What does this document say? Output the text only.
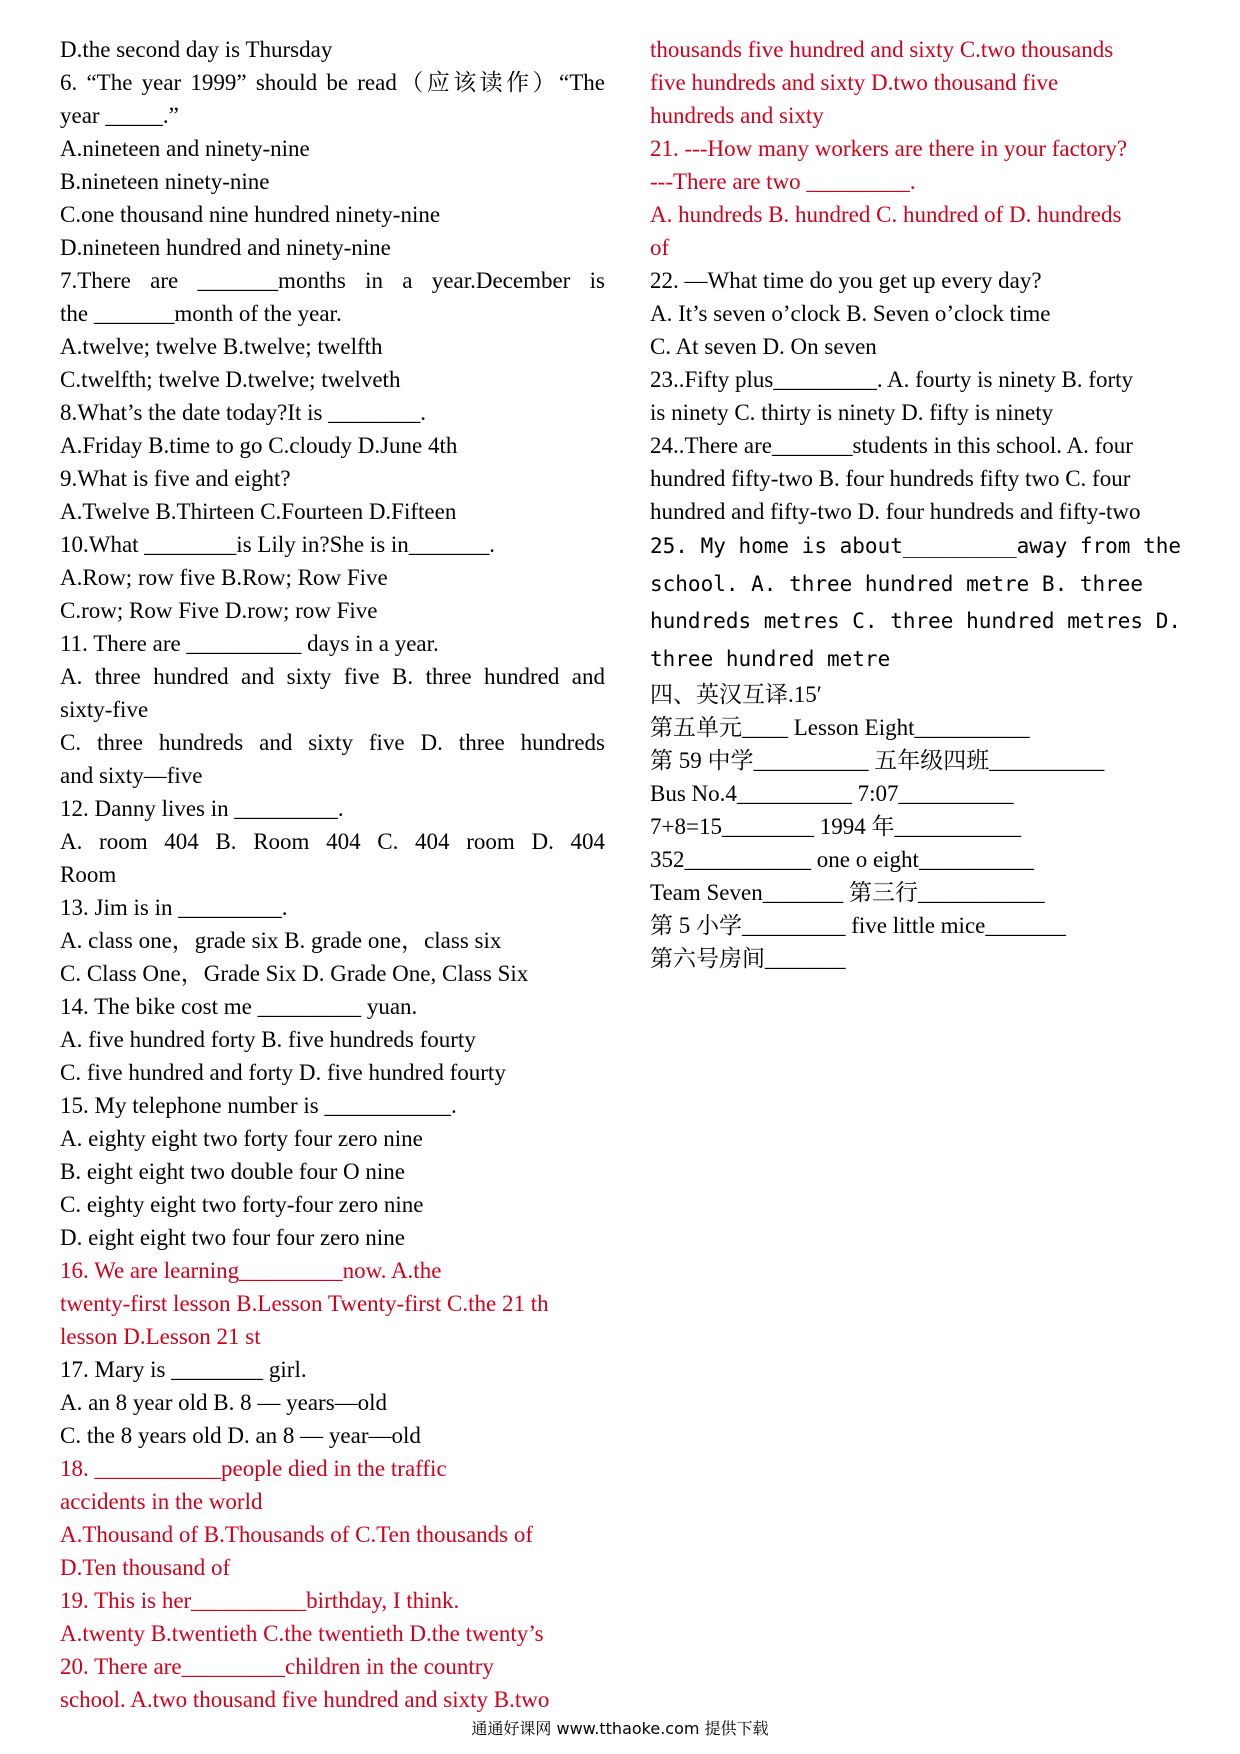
D.the second day is Thursday
6. “The year 1999” should be read（应该读作）“The
year _____.”
A.nineteen and ninety-nine
B.nineteen ninety-nine
C.one thousand nine hundred ninety-nine
D.nineteen hundred and ninety-nine
7.There are _______months in a year.December is
the _______month of the year.
A.twelve; twelve B.twelve; twelfth
C.twelfth; twelve D.twelve; twelveth
8.What’s the date today?It is ________.
A.Friday B.time to go C.cloudy D.June 4th
9.What is five and eight?
A.Twelve B.Thirteen C.Fourteen D.Fifteen
10.What ________is Lily in?She is in_______.
A.Row; row five B.Row; Row Five
C.row; Row Five D.row; row Five
11. There are __________ days in a year.
A. three hundred and sixty five B. three hundred and
sixty-five
C. three hundreds and sixty five D. three hundreds
and sixty—five
12. Danny lives in _________.
A. room 404 B. Room 404 C. 404 room D. 404
Room
13. Jim is in _________.
A. class one，grade six B. grade one，class six
C. Class One，Grade Six D. Grade One, Class Six
14. The bike cost me _________ yuan.
A. five hundred forty B. five hundreds fourty
C. five hundred and forty D. five hundred fourty
15. My telephone number is ___________.
A. eighty eight two forty four zero nine
B. eight eight two double four O nine
C. eighty eight two forty-four zero nine
D. eight eight two four four zero nine
16. We are learning_________now. A.the
twenty-first lesson B.Lesson Twenty-first C.the 21 th
lesson D.Lesson 21 st
17. Mary is ________ girl.
A. an 8 year old B. 8 — years—old
C. the 8 years old D. an 8 — year—old
18. ___________people died in the traffic
accidents in the world
A.Thousand of B.Thousands of C.Ten thousands of
D.Ten thousand of
19. This is her__________birthday, I think.
A.twenty B.twentieth C.the twentieth D.the twenty’s
20. There are_________children in the country
school. A.two thousand five hundred and sixty B.two
thousands five hundred and sixty C.two thousands
five hundreds and sixty D.two thousand five
hundreds and sixty
21. ---How many workers are there in your factory?
---There are two _________.
A. hundreds B. hundred C. hundred of D. hundreds
of
22. —What time do you get up every day?
A. It’s seven o’clock B. Seven o’clock time
C. At seven D. On seven
23..Fifty plus_________. A. fourty is ninety B. forty
is ninety C. thirty is ninety D. fifty is ninety
24..There are_______students in this school. A. four
hundred fifty-two B. four hundreds fifty two C. four
hundred and fifty-two D. four hundreds and fifty-two
25. My home is about_________away from the
school. A. three hundred metre B. three
hundreds metres C. three hundred metres D.
three hundred metre
四、英汉互译.15′
第五单元____ Lesson Eight__________
第 59 中学__________ 五年级四班__________
Bus No.4__________ 7:07__________
7+8=15________ 1994 年___________
352___________ one o eight__________
Team Seven_______ 第三行___________
第 5 小学_________ five little mice_______
第六号房间_______
通通好课网 www.tthaoke.com 提供下载
